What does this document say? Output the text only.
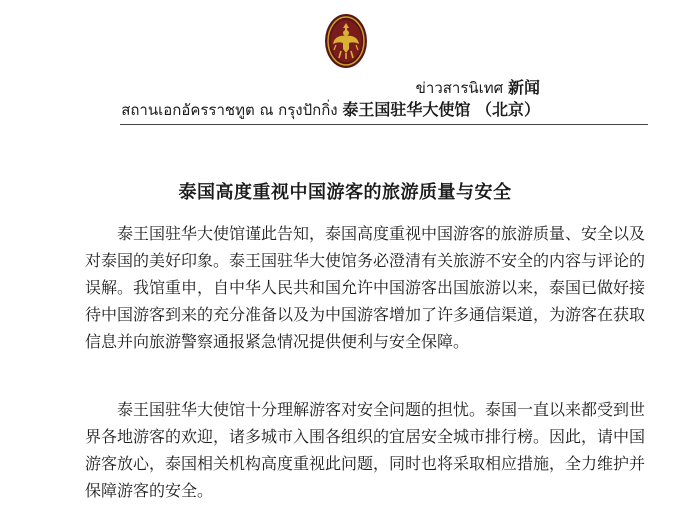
ข่าวสารนิเทศ 新闻
สถานเอกอัครราชทูต ณ กรุงปักกิ่ง 泰王国驻华大使馆 （北京）
泰国高度重视中国游客的旅游质量与安全

泰王国驻华大使馆谨此告知，泰国高度重视中国游客的旅游质量、安全以及对泰国的美好印象。泰王国驻华大使馆务必澄清有关旅游不安全的内容与评论的误解。我馆重申，自中华人民共和国允许中国游客出国旅游以来，泰国已做好接待中国游客到来的充分准备以及为中国游客增加了许多通信渠道，为游客在获取信息并向旅游警察通报紧急情况提供便利与安全保障。

泰王国驻华大使馆十分理解游客对安全问题的担忧。泰国一直以来都受到世界各地游客的欢迎，诸多城市入围各组织的宜居安全城市排行榜。因此，请中国游客放心，泰国相关机构高度重视此问题，同时也将采取相应措施，全力维护并保障游客的安全。
